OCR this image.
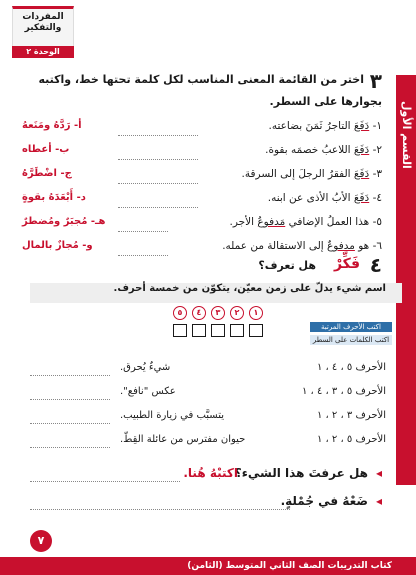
المفردات
والتفكير
الوحدة ٢
القسم الأول
٣
اختر من القائمة المعنى المناسب لكل كلمة تحتها خط، واكتبه
بجوارها على السطر.
١- دَفَعَ التاجرُ ثَمَنَ بضاعته.
٢- دَفَعَ اللاعبُ خصمَه بقوة.
٣- دَفَعَ الفقرُ الرجلَ إلى السرقة.
٤- دَفَعَ الأبُ الأذى عن ابنه.
٥- هذا العملُ الإضافي مَدفوعُ الأجر.
٦- هو مدفوعٌ إلى الاستقالة من عمله.
أ- رَدَّهُ ومَنَعهُ
ب- أعطاه
ج- اضْطَرَّهُ
د- أَبْعَدَهُ بقوةٍ
هـ- مُجبَرٌ ومُضطرٌ
و- مُجازٌ بالمال
٤
فَكِّرْ
هل تعرف؟
اسم شيء يدلّ على زمن معيّن، يتكوّن من خمسة أحرف.
٥	٤	٣	٢	١
اكتب الأحرف المرتبة
اكتب الكلمات على السطر
الأحرف ٥ ، ٤ ، ١
شيءٌ يُحرق.
الأحرف ٥ ، ٣ ، ٤ ، ١
عكس "نافع".
الأحرف ٣ ، ٢ ، ١
يتسبَّب في زيارة الطبيب.
الأحرف ٥ ، ٢ ، ١
حيوان مفترس من عائلة القِطّ.
◂
هل عرفتَ هذا الشيء؟
اكتبْهُ هُنا.
◂
ضَعْهُ في جُمْلةٍ.
كتاب التدريبات الصف الثاني المتوسط (الثامن)
٧
